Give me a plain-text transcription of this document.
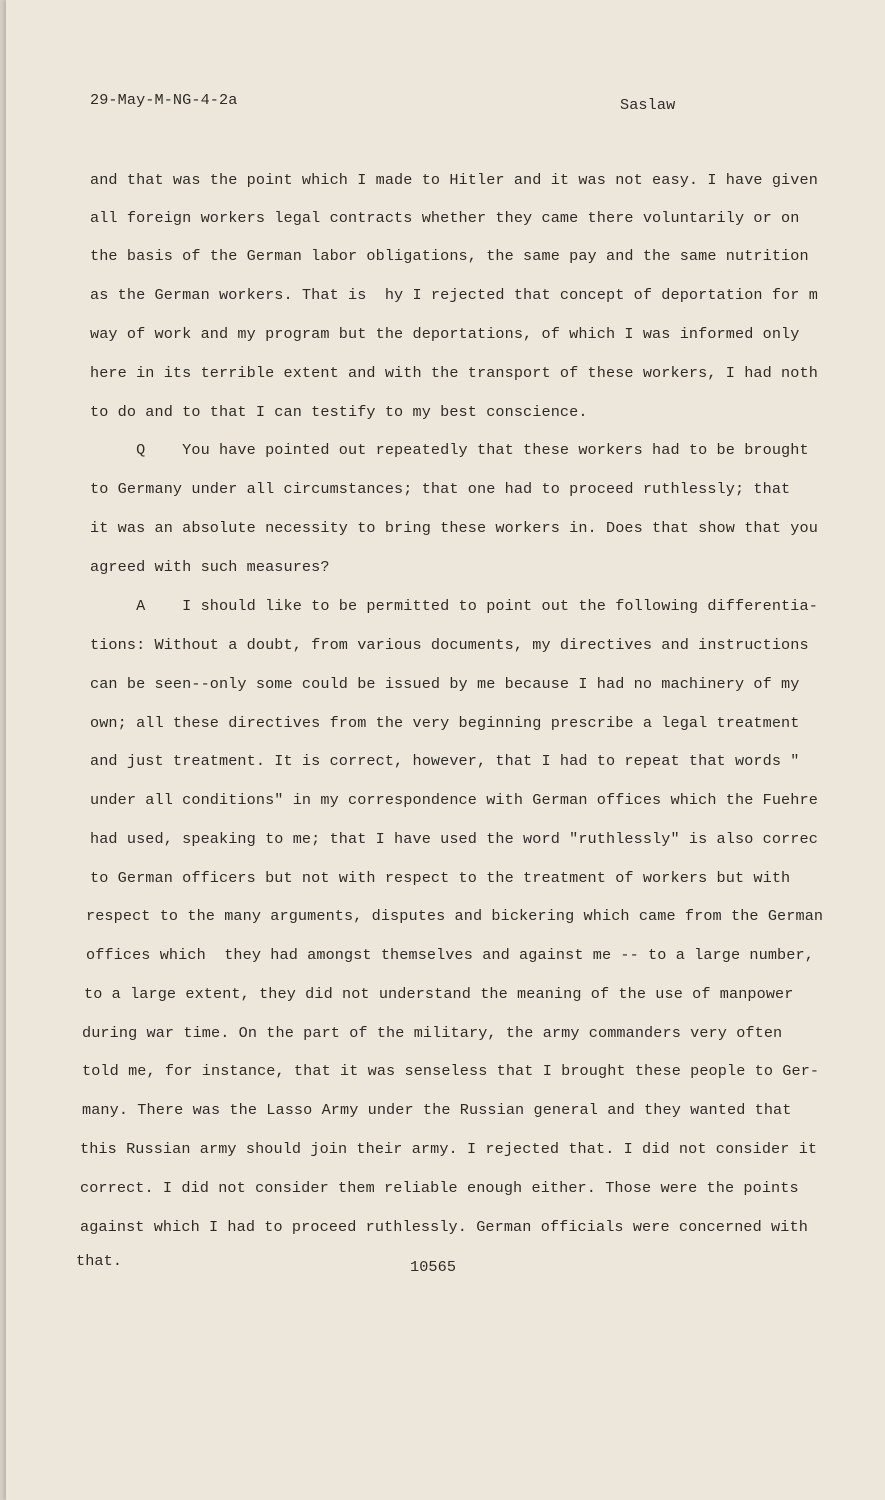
29-May-M-NG-4-2a	Saslaw
and that was the point which I made to Hitler and it was not easy. I have given
all foreign workers legal contracts whether they came there voluntarily or on
the basis of the German labor obligations, the same pay and the same nutrition
as the German workers. That is  hy I rejected that concept of deportation for m
way of work and my program but the deportations, of which I was informed only
here in its terrible extent and with the transport of these workers, I had noth
to do and to that I can testify to my best conscience.
Q    You have pointed out repeatedly that these workers had to be brought
to Germany under all circumstances; that one had to proceed ruthlessly; that
it was an absolute necessity to bring these workers in. Does that show that you
agreed with such measures?
A    I should like to be permitted to point out the following differentia-
tions: Without a doubt, from various documents, my directives and instructions
can be seen--only some could be issued by me because I had no machinery of my
own; all these directives from the very beginning prescribe a legal treatment
and just treatment. It is correct, however, that I had to repeat that words "
under all conditions" in my correspondence with German offices which the Fuehre
had used, speaking to me; that I have used the word "ruthlessly" is also correc
to German officers but not with respect to the treatment of workers but with
respect to the many arguments, disputes and bickering which came from the German
offices which  they had amongst themselves and against me -- to a large number,
to a large extent, they did not understand the meaning of the use of manpower
during war time. On the part of the military, the army commanders very often
told me, for instance, that it was senseless that I brought these people to Ger-
many. There was the Lasso Army under the Russian general and they wanted that
this Russian army should join their army. I rejected that. I did not consider it
correct. I did not consider them reliable enough either. Those were the points
against which I had to proceed ruthlessly. German officials were concerned with
that.	10565
